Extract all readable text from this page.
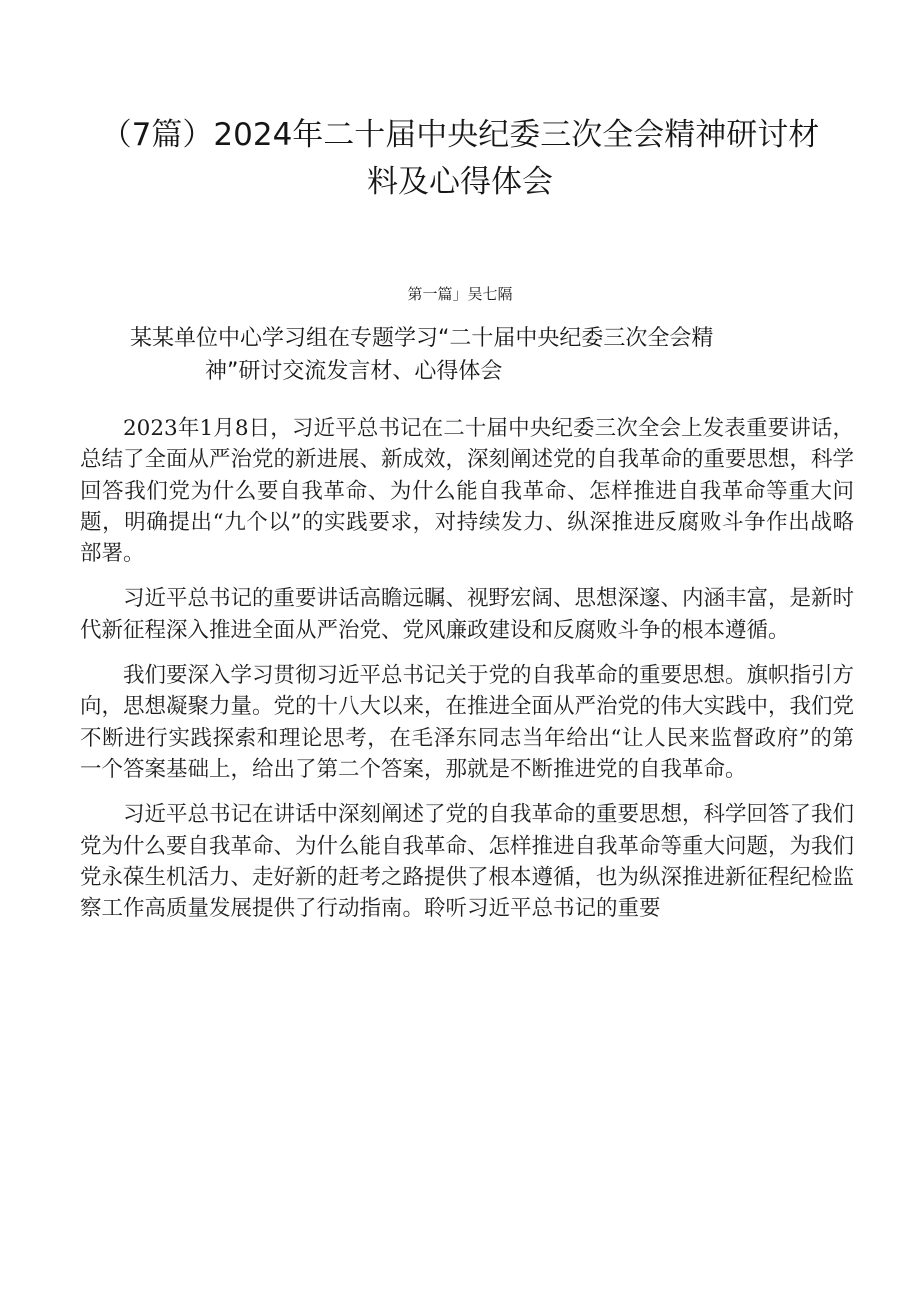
（7篇）2024年二十届中央纪委三次全会精神研讨材料及心得体会
第一篇」吴七隔
某某单位中心学习组在专题学习“二十届中央纪委三次全会精
神”研讨交流发言材、心得体会

2023年1月8日，习近平总书记在二十届中央纪委三次全会上发表重要讲话，总结了全面从严治党的新进展、新成效，深刻阐述党的自我革命的重要思想，科学回答我们党为什么要自我革命、为什么能自我革命、怎样推进自我革命等重大问题，明确提出“九个以”的实践要求，对持续发力、纵深推进反腐败斗争作出战略部署。

习近平总书记的重要讲话高瞻远瞩、视野宏阔、思想深邃、内涵丰富，是新时代新征程深入推进全面从严治党、党风廉政建设和反腐败斗争的根本遵循。

我们要深入学习贯彻习近平总书记关于党的自我革命的重要思想。旗帜指引方向，思想凝聚力量。党的十八大以来，在推进全面从严治党的伟大实践中，我们党不断进行实践探索和理论思考，在毛泽东同志当年给出“让人民来监督政府”的第一个答案基础上，给出了第二个答案，那就是不断推进党的自我革命。

习近平总书记在讲话中深刻阐述了党的自我革命的重要思想，科学回答了我们党为什么要自我革命、为什么能自我革命、怎样推进自我革命等重大问题，为我们党永葆生机活力、走好新的赶考之路提供了根本遵循，也为纵深推进新征程纪检监察工作高质量发展提供了行动指南。聆听习近平总书记的重要
